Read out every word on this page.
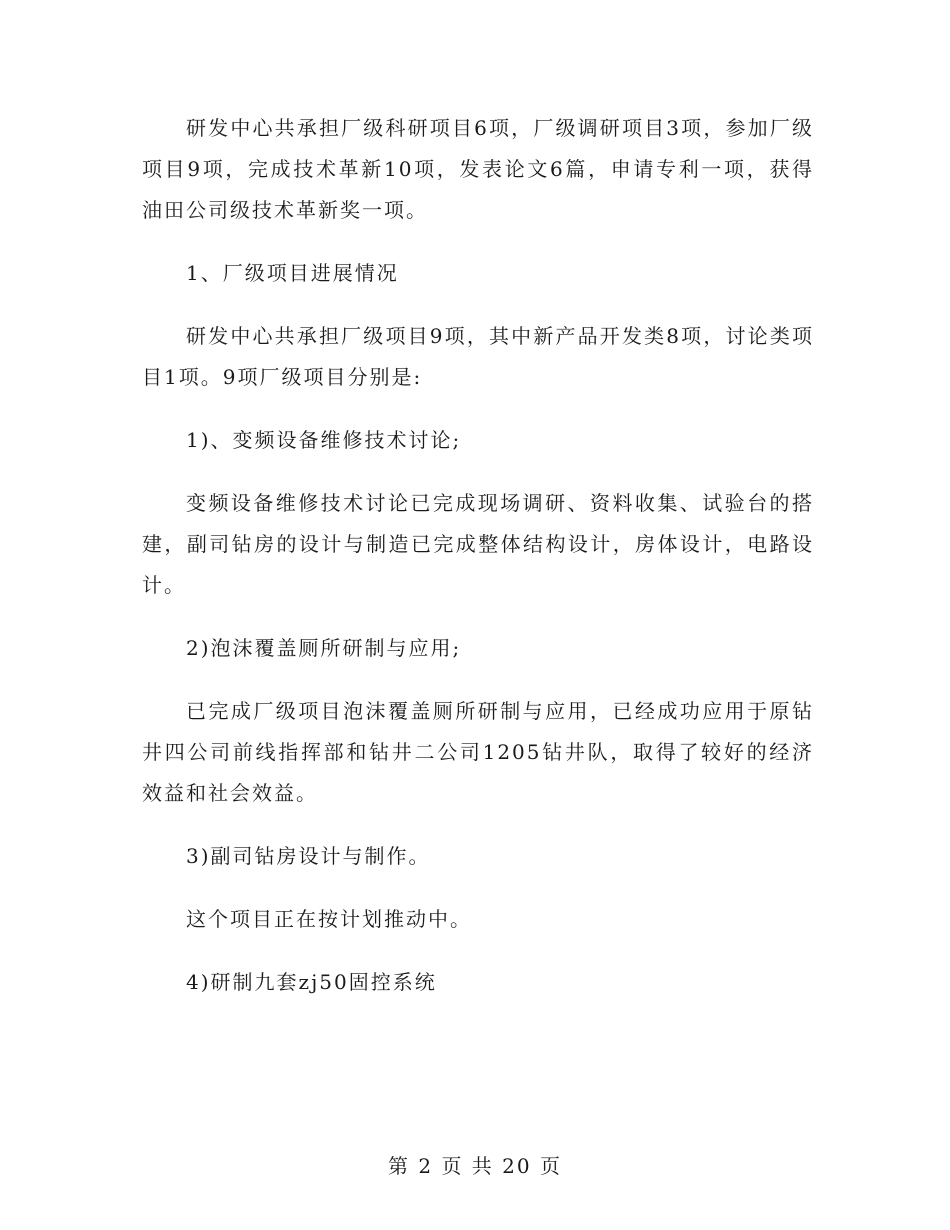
研发中心共承担厂级科研项目6项，厂级调研项目3项，参加厂级项目9项，完成技术革新10项，发表论文6篇，申请专利一项，获得油田公司级技术革新奖一项。

1、厂级项目进展情况

研发中心共承担厂级项目9项，其中新产品开发类8项，讨论类项目1项。9项厂级项目分别是:

1)、变频设备维修技术讨论;

变频设备维修技术讨论已完成现场调研、资料收集、试验台的搭建，副司钻房的设计与制造已完成整体结构设计，房体设计，电路设计。

2)泡沫覆盖厕所研制与应用;

已完成厂级项目泡沫覆盖厕所研制与应用，已经成功应用于原钻井四公司前线指挥部和钻井二公司1205钻井队，取得了较好的经济效益和社会效益。

3)副司钻房设计与制作。

这个项目正在按计划推动中。

4)研制九套zj50固控系统

第 2 页 共 20 页
